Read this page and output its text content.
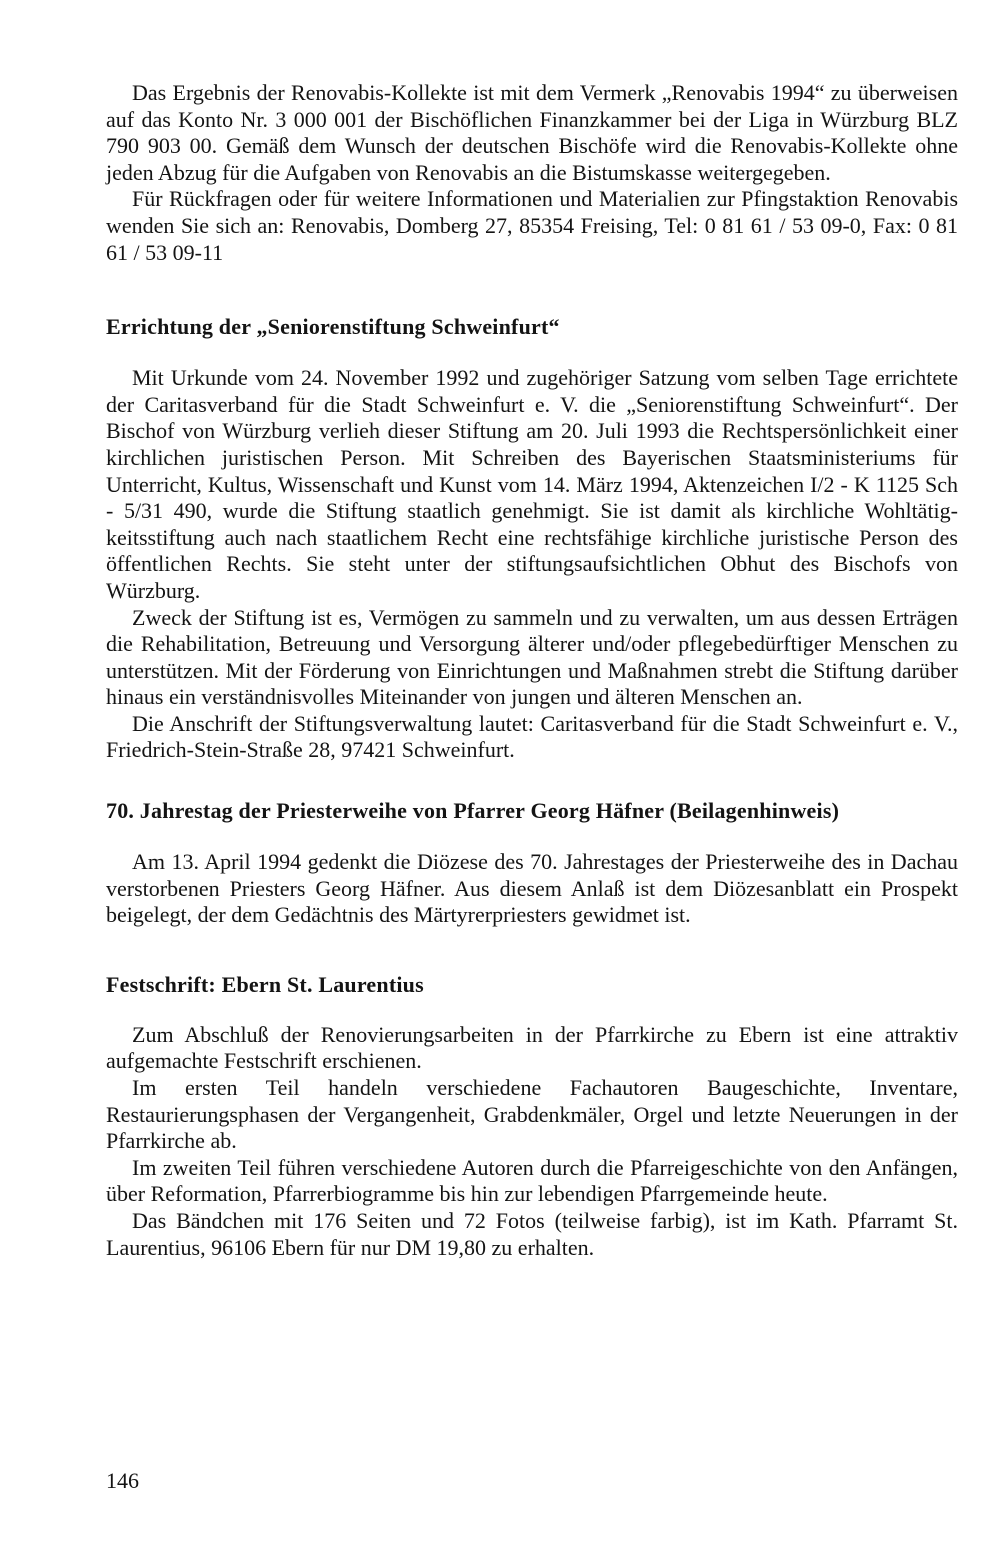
Das Ergebnis der Renovabis-Kollekte ist mit dem Vermerk „Renovabis 1994“ zu überweisen auf das Konto Nr. 3 000 001 der Bischöflichen Finanzkammer bei der Liga in Würzburg BLZ 790 903 00. Gemäß dem Wunsch der deutschen Bischöfe wird die Renovabis-Kollekte ohne jeden Abzug für die Aufgaben von Renovabis an die Bistumskasse weitergegeben.

Für Rückfragen oder für weitere Informationen und Materialien zur Pfingstaktion Renovabis wenden Sie sich an: Renovabis, Domberg 27, 85354 Freising, Tel: 0 81 61 / 53 09-0, Fax: 0 81 61 / 53 09-11

Errichtung der „Seniorenstiftung Schweinfurt“

Mit Urkunde vom 24. November 1992 und zugehöriger Satzung vom selben Tage errichtete der Caritasverband für die Stadt Schweinfurt e. V. die „Seniorenstiftung Schweinfurt“. Der Bischof von Würzburg verlieh dieser Stiftung am 20. Juli 1993 die Rechtspersönlichkeit einer kirchlichen juristischen Person. Mit Schreiben des Bayerischen Staatsministeriums für Unterricht, Kultus, Wissenschaft und Kunst vom 14. März 1994, Aktenzeichen I/2 - K 1125 Sch - 5/31 490, wurde die Stiftung staatlich genehmigt. Sie ist damit als kirchliche Wohltätigkeitsstiftung auch nach staatlichem Recht eine rechtsfähige kirchliche juristische Person des öffentlichen Rechts. Sie steht unter der stiftungsaufsichtlichen Obhut des Bischofs von Würzburg.

Zweck der Stiftung ist es, Vermögen zu sammeln und zu verwalten, um aus dessen Erträgen die Rehabilitation, Betreuung und Versorgung älterer und/oder pflegebedürftiger Menschen zu unterstützen. Mit der Förderung von Einrichtungen und Maßnahmen strebt die Stiftung darüber hinaus ein verständnisvolles Miteinander von jungen und älteren Menschen an.

Die Anschrift der Stiftungsverwaltung lautet: Caritasverband für die Stadt Schweinfurt e. V., Friedrich-Stein-Straße 28, 97421 Schweinfurt.

70. Jahrestag der Priesterweihe von Pfarrer Georg Häfner (Beilagenhinweis)

Am 13. April 1994 gedenkt die Diözese des 70. Jahrestages der Priesterweihe des in Dachau verstorbenen Priesters Georg Häfner. Aus diesem Anlaß ist dem Diözesanblatt ein Prospekt beigelegt, der dem Gedächtnis des Märtyrerpriesters gewidmet ist.

Festschrift: Ebern St. Laurentius

Zum Abschluß der Renovierungsarbeiten in der Pfarrkirche zu Ebern ist eine attraktiv aufgemachte Festschrift erschienen.

Im ersten Teil handeln verschiedene Fachautoren Baugeschichte, Inventare, Restaurierungsphasen der Vergangenheit, Grabdenkmäler, Orgel und letzte Neuerungen in der Pfarrkirche ab.

Im zweiten Teil führen verschiedene Autoren durch die Pfarreigeschichte von den Anfängen, über Reformation, Pfarrerbiogramme bis hin zur lebendigen Pfarrgemeinde heute.

Das Bändchen mit 176 Seiten und 72 Fotos (teilweise farbig), ist im Kath. Pfarramt St. Laurentius, 96106 Ebern für nur DM 19,80 zu erhalten.

146
